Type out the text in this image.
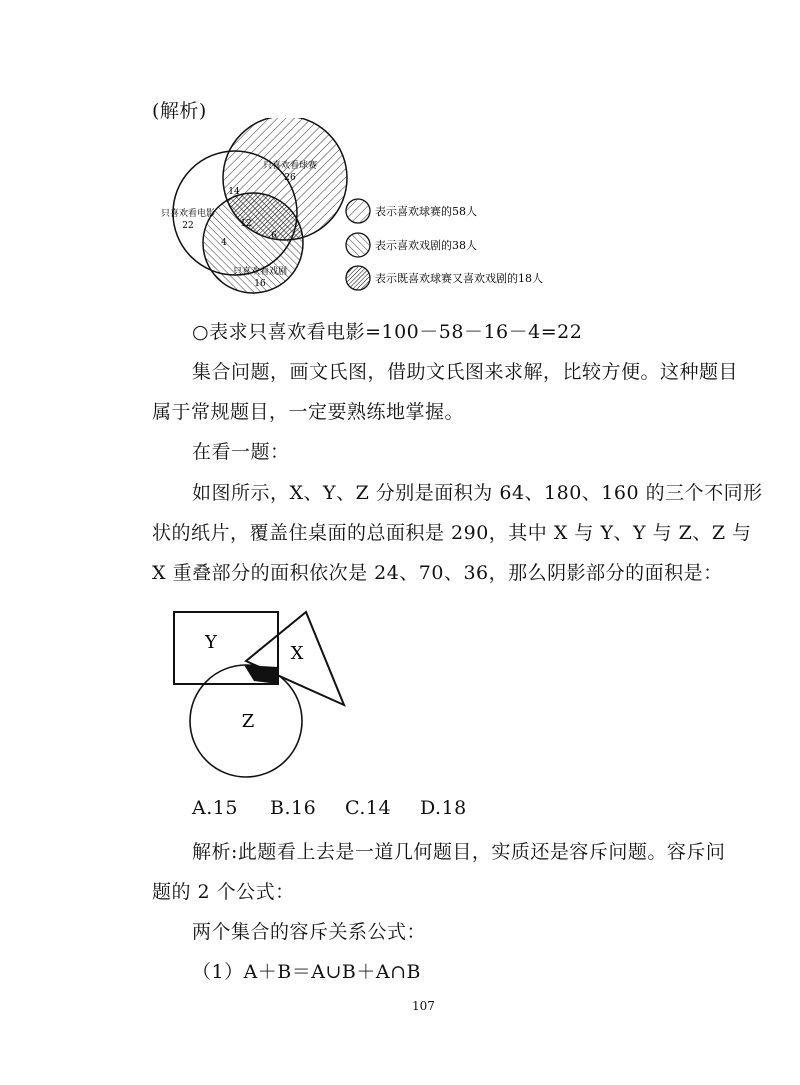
(解析)
只喜欢看球赛
26
只喜欢看电影
22
14
12
6
4
只喜欢看戏剧
16
表示喜欢球赛的58人
表示喜欢戏剧的38人
表示既喜欢球赛又喜欢戏剧的18人
○表求只喜欢看电影=100－58－16－4=22
集合问题，画文氏图，借助文氏图来求解，比较方便。这种题目
属于常规题目，一定要熟练地掌握。
在看一题：
如图所示，X、Y、Z 分别是面积为 64、180、160 的三个不同形
状的纸片，覆盖住桌面的总面积是 290，其中 X 与 Y、Y 与 Z、Z 与
X 重叠部分的面积依次是 24、70、36，那么阴影部分的面积是：
Y
X
Z
A.15 B.16 C.14 D.18
解析:此题看上去是一道几何题目，实质还是容斥问题。容斥问
题的 2 个公式：
两个集合的容斥关系公式：
（1）A＋B＝A∪B＋A∩B
107
